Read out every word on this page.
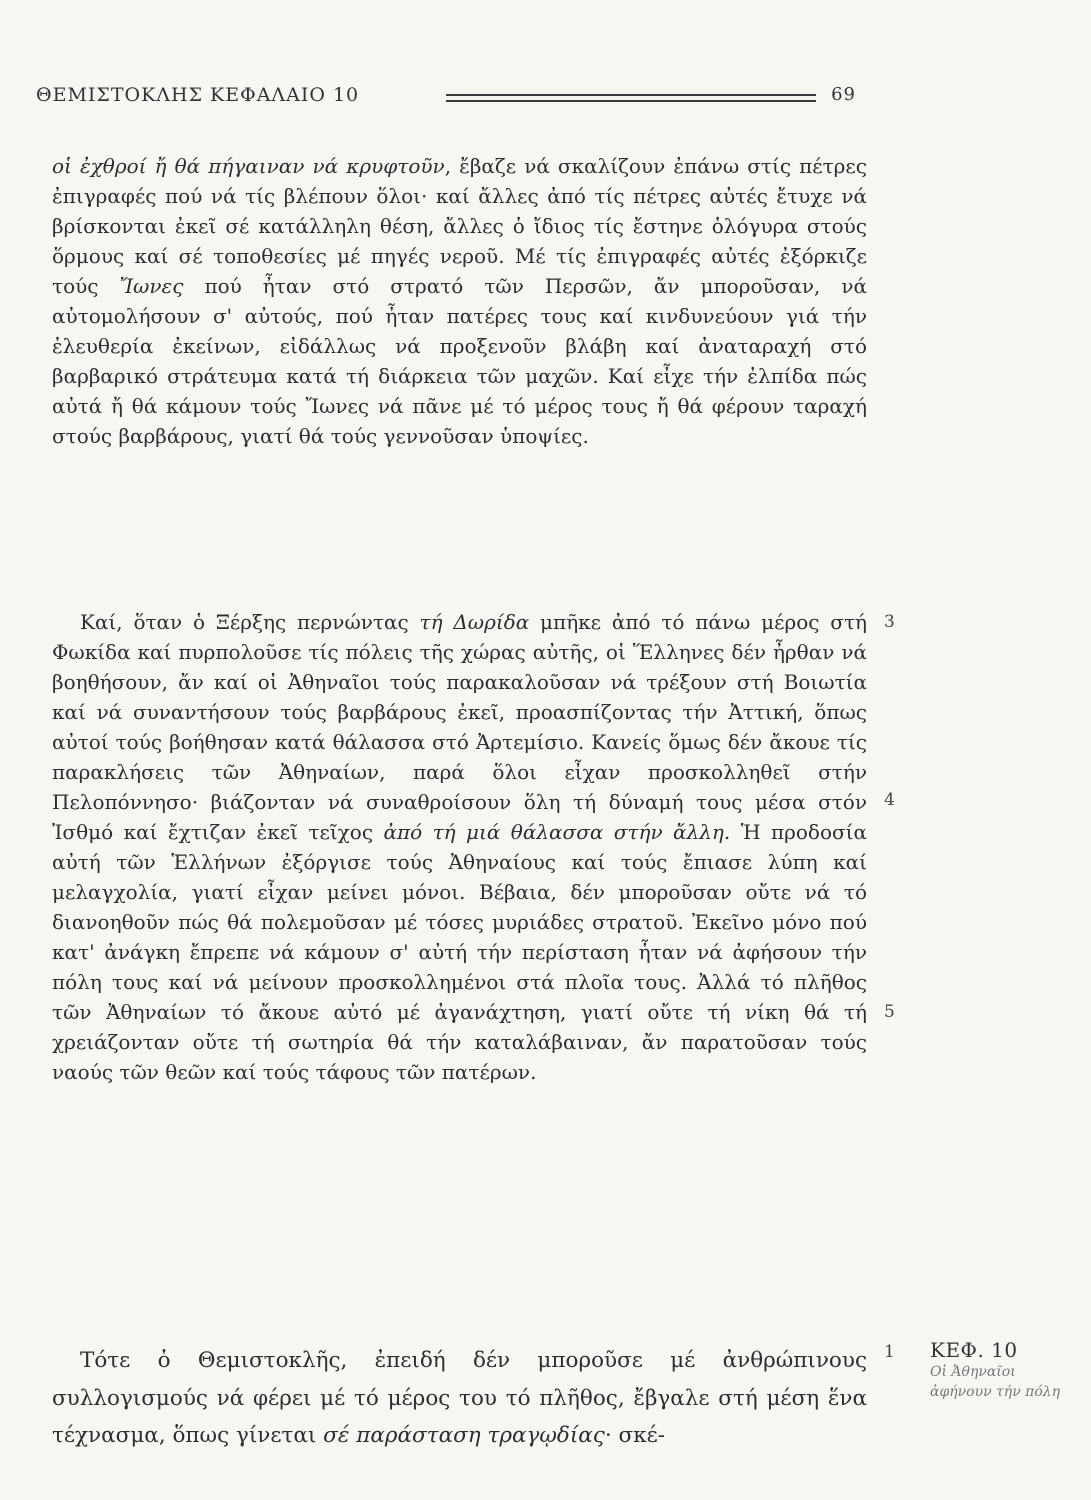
ΘΕΜΙΣΤΟΚΛΗΣ ΚΕΦΑΛΑΙΟ 10	69

οἱ ἐχθροί ἤ θά πήγαιναν νά κρυφτοῦν, ἔβαζε νά σκαλίζουν ἐπάνω στίς πέτρες ἐπιγραφές πού νά τίς βλέπουν ὅλοι· καί ἄλλες ἀπό τίς πέτρες αὐτές ἔτυχε νά βρίσκονται ἐκεῖ σέ κατάλληλη θέση, ἄλλες ὁ ἴδιος τίς ἔστηνε ὁλόγυρα στούς ὅρμους καί σέ τοποθεσίες μέ πηγές νεροῦ. Μέ τίς ἐπιγραφές αὐτές ἐξόρκιζε τούς Ἴωνες πού ἦταν στό στρατό τῶν Περσῶν, ἄν μποροῦσαν, νά αὐτομολήσουν σ' αὐτούς, πού ἦταν πατέρες τους καί κινδυνεύουν γιά τήν ἐλευθερία ἐκείνων, εἰδάλλως νά προξενοῦν βλάβη καί ἀναταραχή στό βαρβαρικό στράτευμα κατά τή διάρκεια τῶν μαχῶν. Καί εἶχε τήν ἐλπίδα πώς αὐτά ἤ θά κάμουν τούς Ἴωνες νά πᾶνε μέ τό μέρος τους ἤ θά φέρουν ταραχή στούς βαρβάρους, γιατί θά τούς γεννοῦσαν ὑποψίες.

Καί, ὅταν ὁ Ξέρξης περνώντας τή Δωρίδα μπῆκε ἀπό τό πάνω μέρος στή Φωκίδα καί πυρπολοῦσε τίς πόλεις τῆς χώρας αὐτῆς, οἱ Ἕλληνες δέν ἦρθαν νά βοηθήσουν, ἄν καί οἱ Ἀθηναῖοι τούς παρακαλοῦσαν νά τρέξουν στή Βοιωτία καί νά συναντήσουν τούς βαρβάρους ἐκεῖ, προασπίζοντας τήν Ἀττική, ὅπως αὐτοί τούς βοήθησαν κατά θάλασσα στό Ἀρτεμίσιο. Κανείς ὅμως δέν ἄκουε τίς παρακλήσεις τῶν Ἀθηναίων, παρά ὅλοι εἶχαν προσκολληθεῖ στήν Πελοπόννησο· βιάζονταν νά συναθροίσουν ὅλη τή δύναμή τους μέσα στόν Ἰσθμό καί ἔχτιζαν ἐκεῖ τεῖχος ἀπό τή μιά θάλασσα στήν ἄλλη. Ἡ προδοσία αὐτή τῶν Ἑλλήνων ἐξόργισε τούς Ἀθηναίους καί τούς ἔπιασε λύπη καί μελαγχολία, γιατί εἶχαν μείνει μόνοι. Βέβαια, δέν μποροῦσαν οὔτε νά τό διανοηθοῦν πώς θά πολεμοῦσαν μέ τόσες μυριάδες στρατοῦ. Ἐκεῖνο μόνο πού κατ' ἀνάγκη ἔπρεπε νά κάμουν σ' αὐτή τήν περίσταση ἦταν νά ἀφήσουν τήν πόλη τους καί νά μείνουν προσκολλημένοι στά πλοῖα τους. Ἀλλά τό πλῆθος τῶν Ἀθηναίων τό ἄκουε αὐτό μέ ἀγανάχτηση, γιατί οὔτε τή νίκη θά τή χρειάζονταν οὔτε τή σωτηρία θά τήν καταλάβαιναν, ἄν παρατοῦσαν τούς ναούς τῶν θεῶν καί τούς τάφους τῶν πατέρων.

Τότε ὁ Θεμιστοκλῆς, ἐπειδή δέν μποροῦσε μέ ἀνθρώπινους συλλογισμούς νά φέρει μέ τό μέρος του τό πλῆθος, ἔβγαλε στή μέση ἕνα τέχνασμα, ὅπως γίνεται σέ παράσταση τραγῳδίας· σκέ-

3
4
5
1 ΚΕΦ. 10
Οἱ Ἀθηναῖοι ἀφήνουν τήν πόλη
